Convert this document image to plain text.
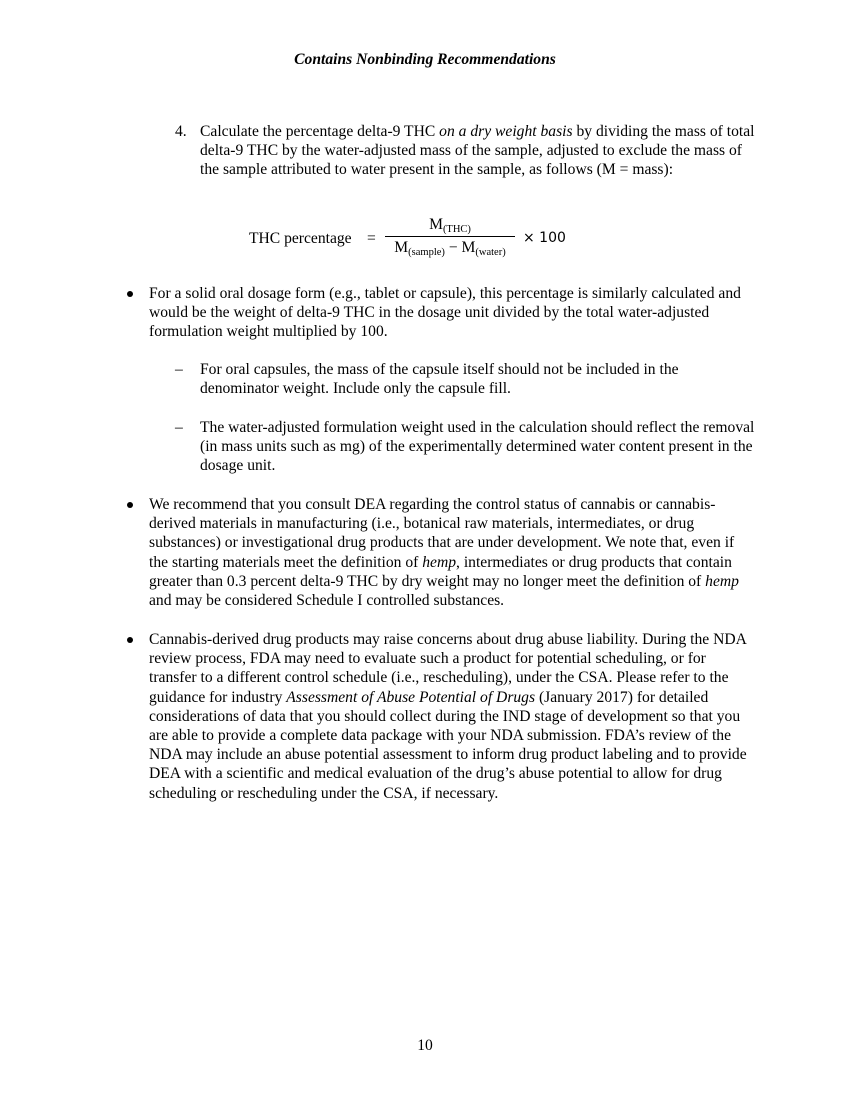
Contains Nonbinding Recommendations
4. Calculate the percentage delta-9 THC on a dry weight basis by dividing the mass of total delta-9 THC by the water-adjusted mass of the sample, adjusted to exclude the mass of the sample attributed to water present in the sample, as follows (M = mass):
THC percentage =
$M_{(THC)}$
$M_{(sample)} - M_{(water)}$
× 100
For a solid oral dosage form (e.g., tablet or capsule), this percentage is similarly calculated and would be the weight of delta-9 THC in the dosage unit divided by the total water-adjusted formulation weight multiplied by 100.
– For oral capsules, the mass of the capsule itself should not be included in the denominator weight. Include only the capsule fill.
– The water-adjusted formulation weight used in the calculation should reflect the removal (in mass units such as mg) of the experimentally determined water content present in the dosage unit.
We recommend that you consult DEA regarding the control status of cannabis or cannabis-derived materials in manufacturing (i.e., botanical raw materials, intermediates, or drug substances) or investigational drug products that are under development. We note that, even if the starting materials meet the definition of hemp, intermediates or drug products that contain greater than 0.3 percent delta-9 THC by dry weight may no longer meet the definition of hemp and may be considered Schedule I controlled substances.
Cannabis-derived drug products may raise concerns about drug abuse liability. During the NDA review process, FDA may need to evaluate such a product for potential scheduling, or for transfer to a different control schedule (i.e., rescheduling), under the CSA. Please refer to the guidance for industry Assessment of Abuse Potential of Drugs (January 2017) for detailed considerations of data that you should collect during the IND stage of development so that you are able to provide a complete data package with your NDA submission. FDA’s review of the NDA may include an abuse potential assessment to inform drug product labeling and to provide DEA with a scientific and medical evaluation of the drug’s abuse potential to allow for drug scheduling or rescheduling under the CSA, if necessary.
10
